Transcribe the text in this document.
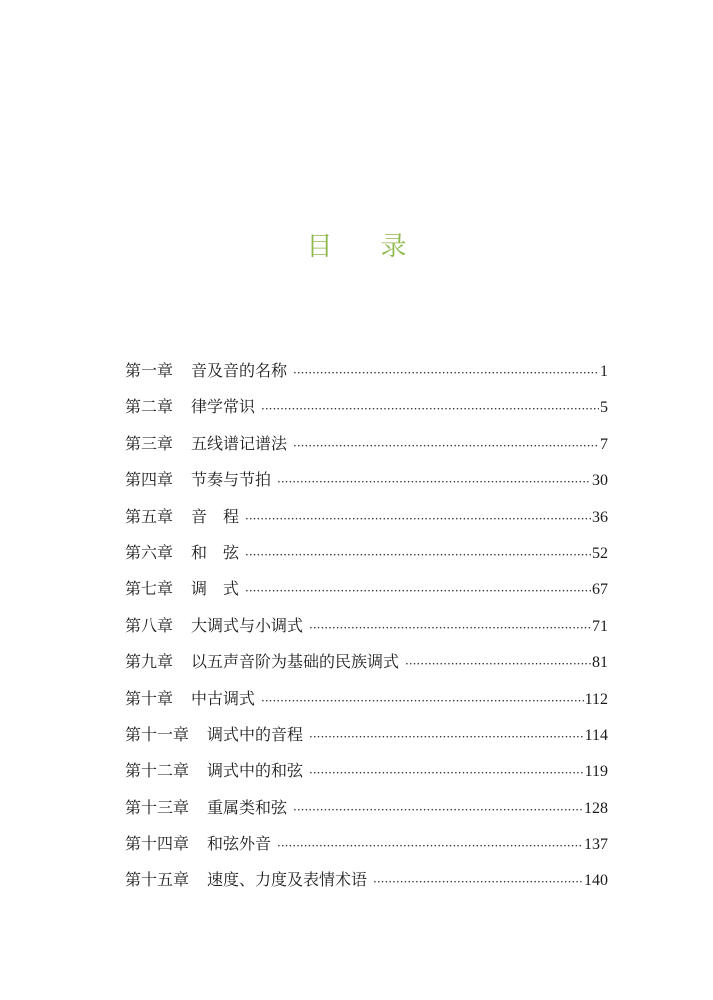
目 录
第一章 音及音的名称 ·····	1
第二章 律学常识 ·····	5
第三章 五线谱记谱法 ·····	7
第四章 节奏与节拍 ·····	30
第五章 音　程 ·····	36
第六章 和　弦 ·····	52
第七章 调　式 ·····	67
第八章 大调式与小调式 ·····	71
第九章 以五声音阶为基础的民族调式 ·····	81
第十章 中古调式 ·····	112
第十一章 调式中的音程 ·····	114
第十二章 调式中的和弦 ·····	119
第十三章 重属类和弦 ·····	128
第十四章 和弦外音 ·····	137
第十五章 速度、力度及表情术语 ·····	140
